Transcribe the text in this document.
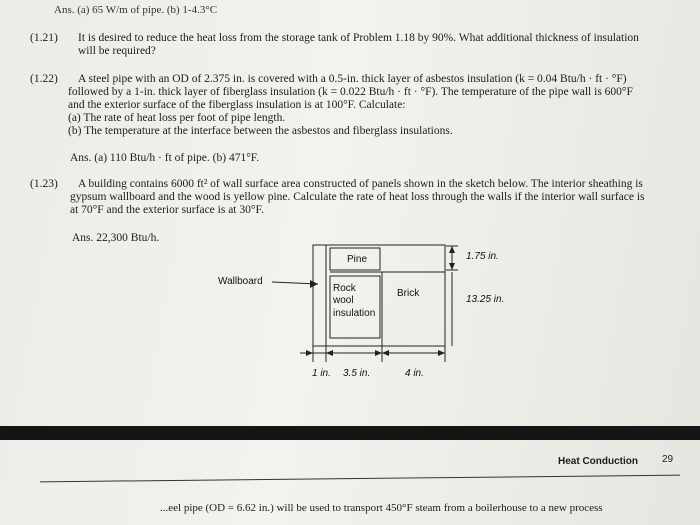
Ans. (a) 65 W/m of pipe. (b) 1-4.3°C
(1.21) It is desired to reduce the heat loss from the storage tank of Problem 1.18 by 90%. What additional thickness of insulation
will be required?
(1.22) A steel pipe with an OD of 2.375 in. is covered with a 0.5-in. thick layer of asbestos insulation (k = 0.04 Btu/h · ft · °F)
followed by a 1-in. thick layer of fiberglass insulation (k = 0.022 Btu/h · ft · °F). The temperature of the pipe wall is 600°F
and the exterior surface of the fiberglass insulation is at 100°F. Calculate:
(a) The rate of heat loss per foot of pipe length.
(b) The temperature at the interface between the asbestos and fiberglass insulations.
Ans. (a) 110 Btu/h · ft of pipe. (b) 471°F.
(1.23) A building contains 6000 ft² of wall surface area constructed of panels shown in the sketch below. The interior sheathing is
gypsum wallboard and the wood is yellow pine. Calculate the rate of heat loss through the walls if the interior wall surface is
at 70°F and the exterior surface is at 30°F.
Ans. 22,300 Btu/h.
Pine
Wallboard
Rock
wool
insulation
Brick
1.75 in.
13.25 in.
1 in. 3.5 in.	4 in.
Heat Conduction 29
...eel pipe (OD = 6.62 in.) will be used to transport 450°F steam from a boilerhouse to a new process
